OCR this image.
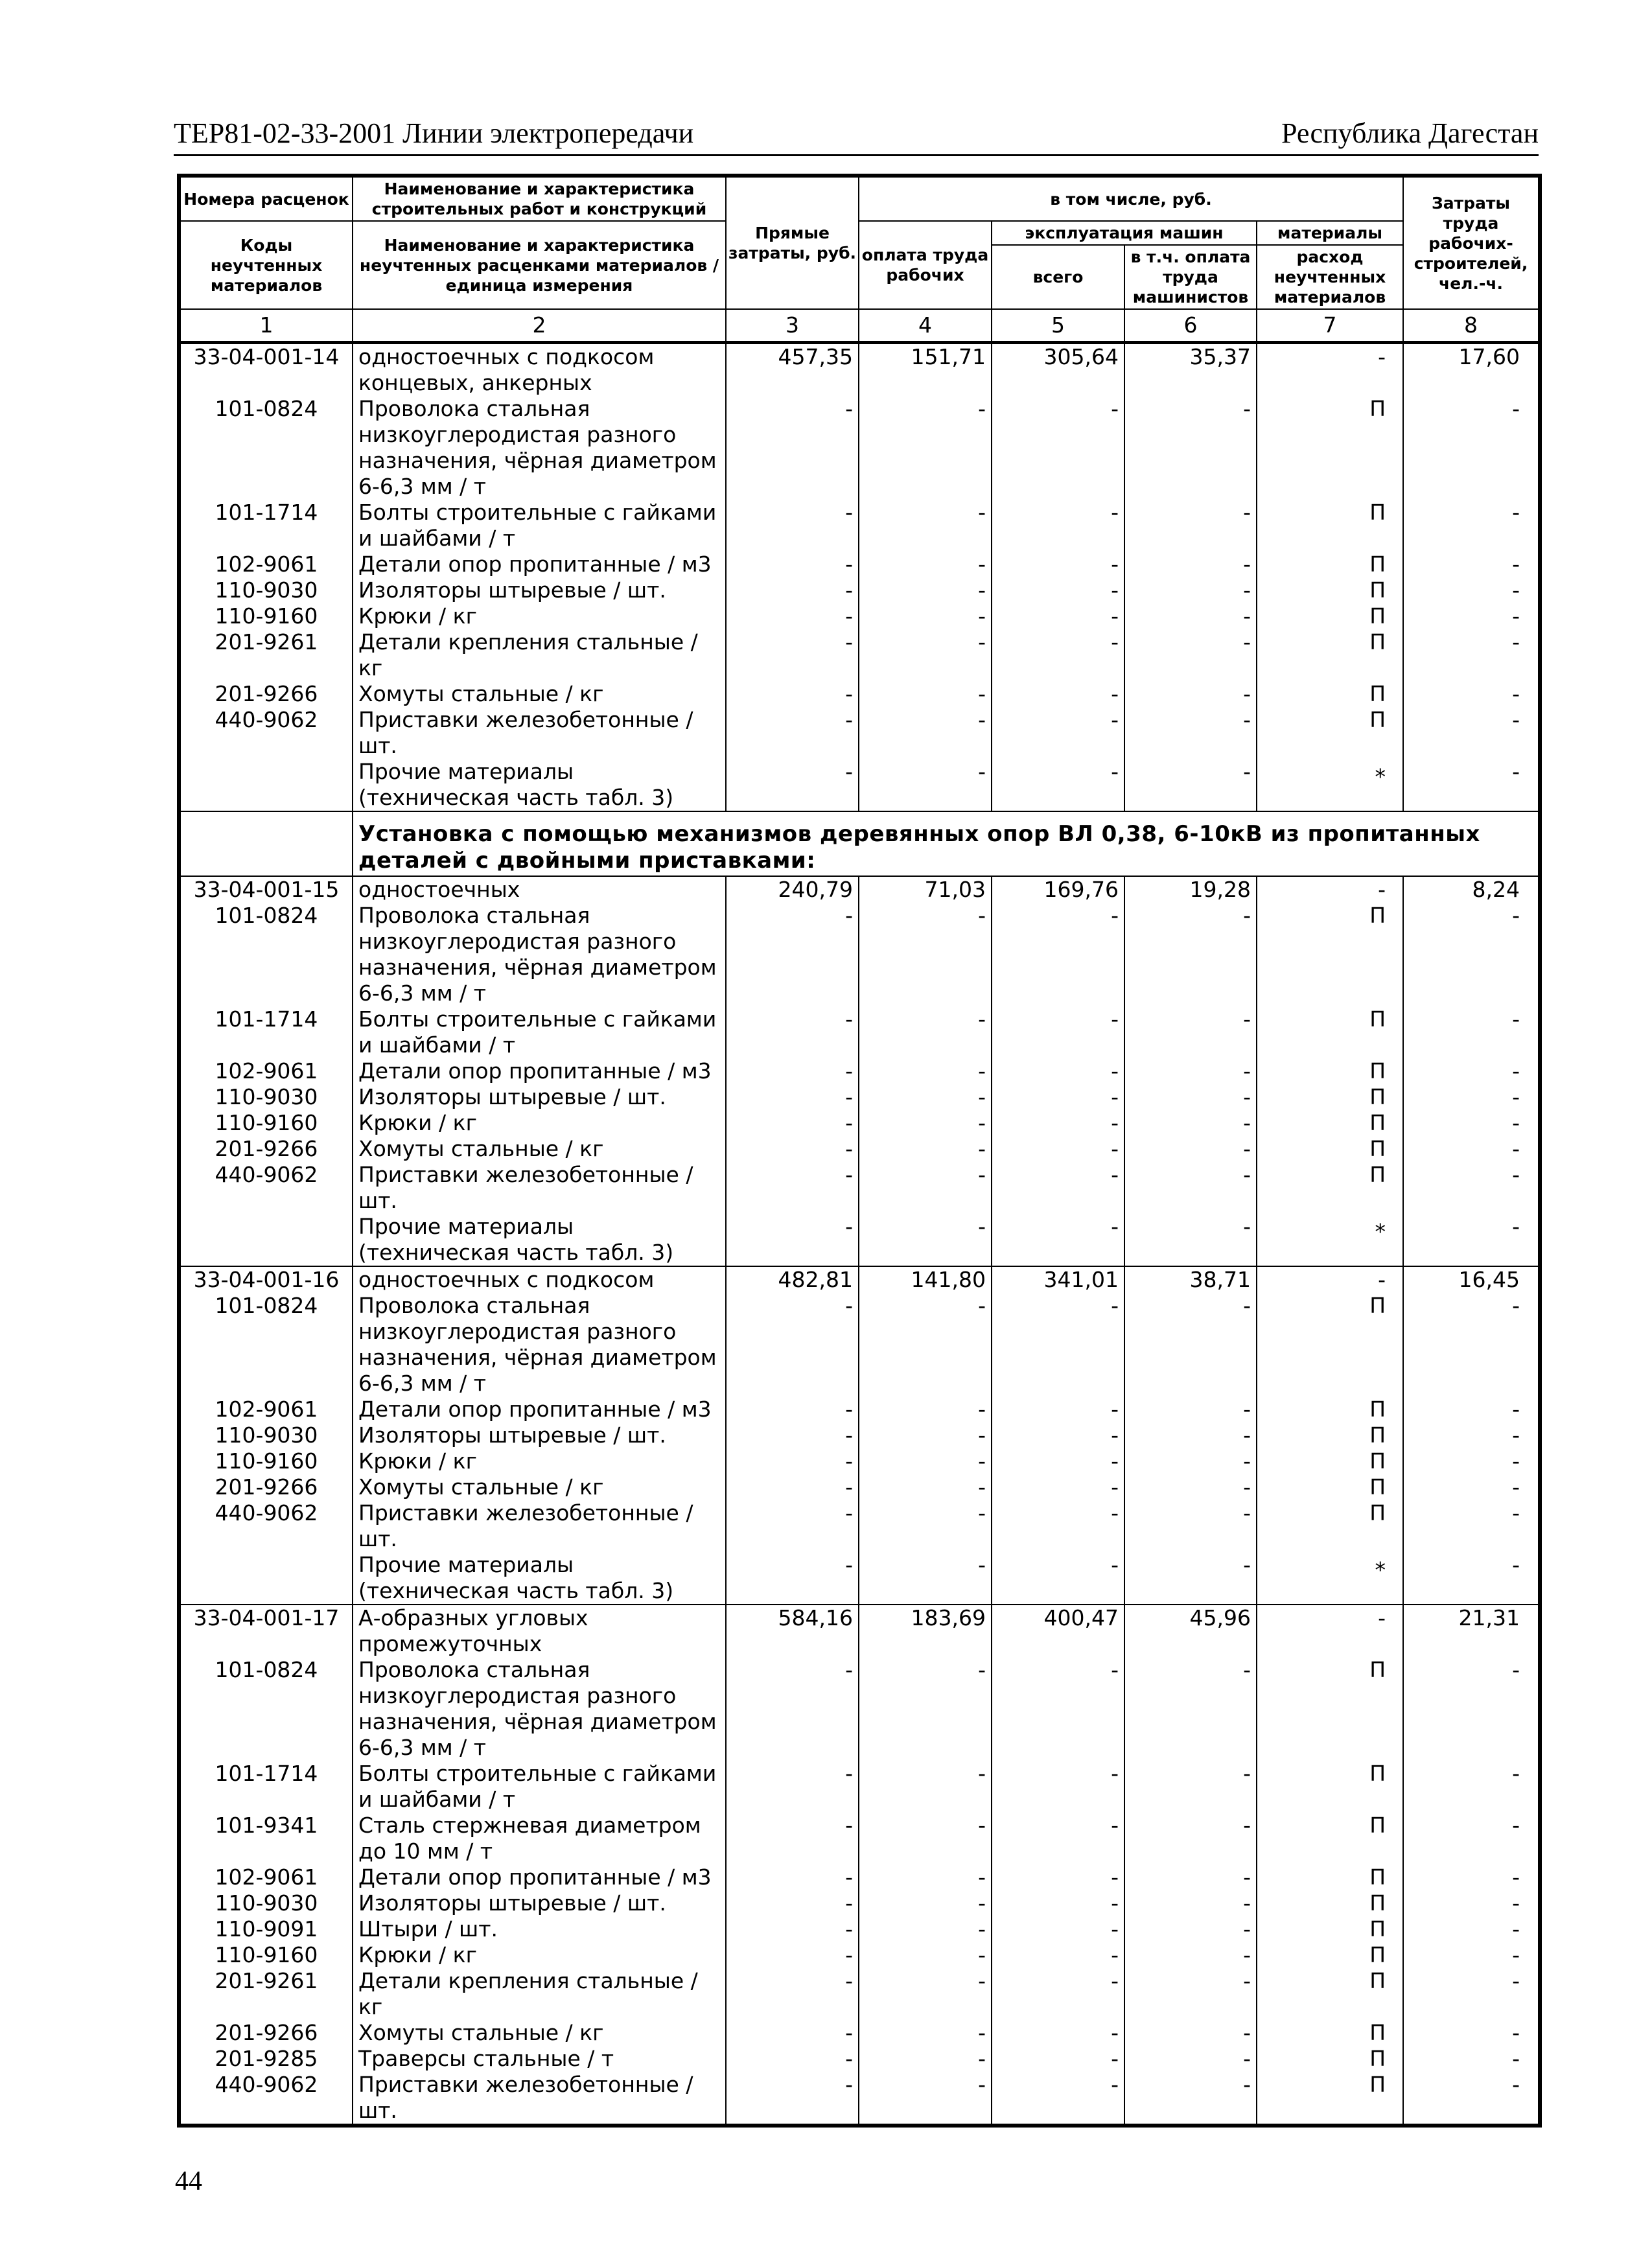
ТЕР81-02-33-2001 Линии электропередачи	Республика Дагестан
Номера расценок	Наименование и характеристика строительных работ и конструкций	Прямые затраты, руб.	в том числе, руб.				Затраты труда рабочих-строителей, чел.-ч.
Коды неучтенных материалов	Наименование и характеристика неучтенных расценками материалов / единица измерения		оплата труда рабочих	эксплуатация машин		материалы	
				всего	в т.ч. оплата труда машинистов	расход неучтенных материалов	

1	2	3	4	5	6	7	8
33-04-001-14	одностоечных с подкосом концевых, анкерных	457,35	151,71	305,64	35,37	-	17,60
101-0824	Проволока стальная низкоуглеродистая разного назначения, чёрная диаметром 6-6,3 мм / т	-	-	-	-	П	-
101-1714	Болты строительные с гайками и шайбами / т	-	-	-	-	П	-
102-9061	Детали опор пропитанные / м3	-	-	-	-	П	-
110-9030	Изоляторы штыревые / шт.	-	-	-	-	П	-
110-9160	Крюки / кг	-	-	-	-	П	-
201-9261	Детали крепления стальные / кг	-	-	-	-	П	-
201-9266	Хомуты стальные / кг	-	-	-	-	П	-
440-9062	Приставки железобетонные /шт.	-	-	-	-	П	-
	Прочие материалы (техническая часть табл. 3)	-	-	-	-	*	-
	Установка с помощью механизмов деревянных опор ВЛ 0,38, 6-10кВ из пропитанных деталей с двойными приставками:						
33-04-001-15	одностоечных	240,79	71,03	169,76	19,28	-	8,24
101-0824	Проволока стальная низкоуглеродистая разного назначения, чёрная диаметром 6-6,3 мм / т	-	-	-	-	П	-
101-1714	Болты строительные с гайками и шайбами / т	-	-	-	-	П	-
102-9061	Детали опор пропитанные / м3	-	-	-	-	П	-
110-9030	Изоляторы штыревые / шт.	-	-	-	-	П	-
110-9160	Крюки / кг	-	-	-	-	П	-
201-9266	Хомуты стальные / кг	-	-	-	-	П	-
440-9062	Приставки железобетонные /шт.	-	-	-	-	П	-
	Прочие материалы (техническая часть табл. 3)	-	-	-	-	*	-
33-04-001-16	одностоечных с подкосом	482,81	141,80	341,01	38,71	-	16,45
101-0824	Проволока стальная низкоуглеродистая разного назначения, чёрная диаметром 6-6,3 мм / т	-	-	-	-	П	-
102-9061	Детали опор пропитанные / м3	-	-	-	-	П	-
110-9030	Изоляторы штыревые / шт.	-	-	-	-	П	-
110-9160	Крюки / кг	-	-	-	-	П	-
201-9266	Хомуты стальные / кг	-	-	-	-	П	-
440-9062	Приставки железобетонные /шт.	-	-	-	-	П	-
	Прочие материалы (техническая часть табл. 3)	-	-	-	-	*	-
33-04-001-17	А-образных угловых промежуточных	584,16	183,69	400,47	45,96	-	21,31
101-0824	Проволока стальная низкоуглеродистая разного назначения, чёрная диаметром 6-6,3 мм / т	-	-	-	-	П	-
101-1714	Болты строительные с гайками и шайбами / т	-	-	-	-	П	-
101-9341	Сталь стержневая диаметром до 10 мм / т	-	-	-	-	П	-
102-9061	Детали опор пропитанные / м3	-	-	-	-	П	-
110-9030	Изоляторы штыревые / шт.	-	-	-	-	П	-
110-9091	Штыри / шт.	-	-	-	-	П	-
110-9160	Крюки / кг	-	-	-	-	П	-
201-9261	Детали крепления стальные / кг	-	-	-	-	П	-
201-9266	Хомуты стальные / кг	-	-	-	-	П	-
201-9285	Траверсы стальные / т	-	-	-	-	П	-
440-9062	Приставки железобетонные /шт.	-	-	-	-	П	-
44
